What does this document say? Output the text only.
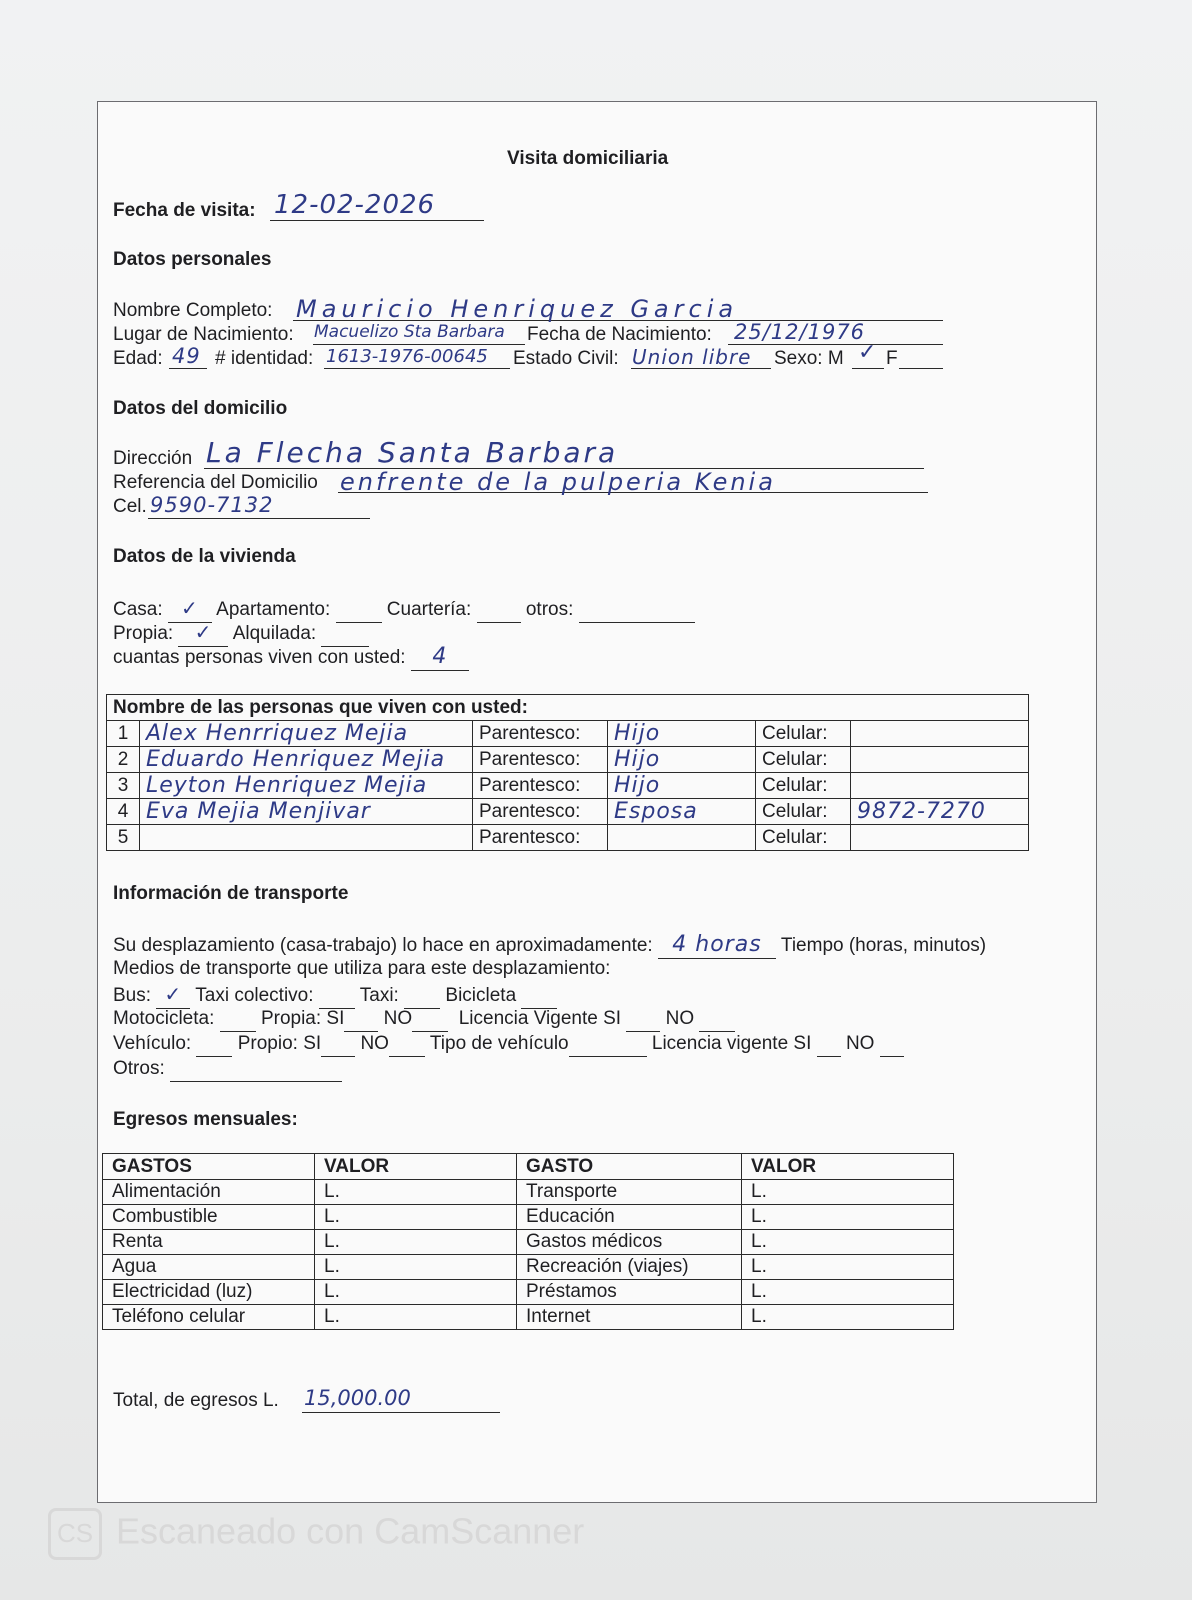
Visita domiciliaria
Fecha de visita: 12-02-2026
Datos personales
Nombre Completo: Mauricio Henriquez Garcia
Lugar de Nacimiento: Macuelizo Sta Barbara Fecha de Nacimiento: 25/12/1976
Edad: 49 # identidad: 1613-1976-00645 Estado Civil: Union libre Sexo: M ✓ F
Datos del domicilio
Dirección La Flecha Santa Barbara
Referencia del Domicilio enfrente de la pulperia Kenia
Cel. 9590-7132
Datos de la vivienda
Casa: ✓ Apartamento:	Cuartería:	otros:
Propia: ✓ Alquilada:
cuantas personas viven con usted: 4
Nombre de las personas que viven con usted:					
1	Alex Henrriquez Mejia	Parentesco:	Hijo	Celular:	
2	Eduardo Henriquez Mejia	Parentesco:	Hijo	Celular:	
3	Leyton Henriquez Mejia	Parentesco:	Hijo	Celular:	
4	Eva Mejia Menjivar	Parentesco:	Esposa	Celular:	9872-7270
5		Parentesco:		Celular:	
Información de transporte
Su desplazamiento (casa-trabajo) lo hace en aproximadamente: 4 horas Tiempo (horas, minutos)
Medios de transporte que utiliza para este desplazamiento:
Bus: ✓ Taxi colectivo: Taxi: Bicicleta
Motocicleta: Propia: SI NO Licencia Vigente SI NO
Vehículo: Propio: SI NO Tipo de vehículo	Licencia vigente SI NO
Otros:
Egresos mensuales:
GASTOS	VALOR	GASTO	VALOR
Alimentación	L.	Transporte	L.
Combustible	L.	Educación	L.
Renta	L.	Gastos médicos	L.
Agua	L.	Recreación (viajes)	L.
Electricidad (luz)	L.	Préstamos	L.
Teléfono celular	L.	Internet	L.
Total, de egresos L. 15,000.00
CS Escaneado con CamScanner
